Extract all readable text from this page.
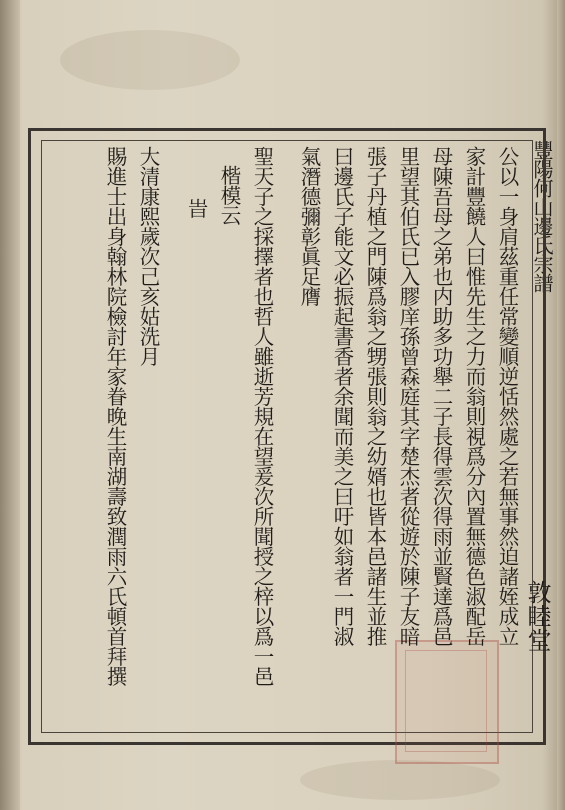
豐陽何山邊氏宗譜
公以一身肩茲重任常變順逆恬然處之若無事然迫諸姪成立
家計豐饒人曰惟先生之力而翁則視爲分內置無德色淑配岳
母陳吾母之弟也内助多功舉二子長得雲次得雨並賢達爲邑
里望其伯氏已入膠庠孫曾森庭其字楚杰者從遊於陳子友暗
張子丹植之門陳爲翁之甥張則翁之幼婿也皆本邑諸生並推
曰邊氏子能文必振起書香者余聞而美之曰吁如翁者一門淑
氣潛德彌彰眞足膺
聖天子之採擇者也哲人雖逝芳規在望爰次所聞授之梓以爲一邑
楷模云
旹
大清康熙歲次己亥姑洗月
賜進士出身翰林院檢討年家眷晚生南湖壽致潤雨六氏頓首拜撰	敦睦堂
